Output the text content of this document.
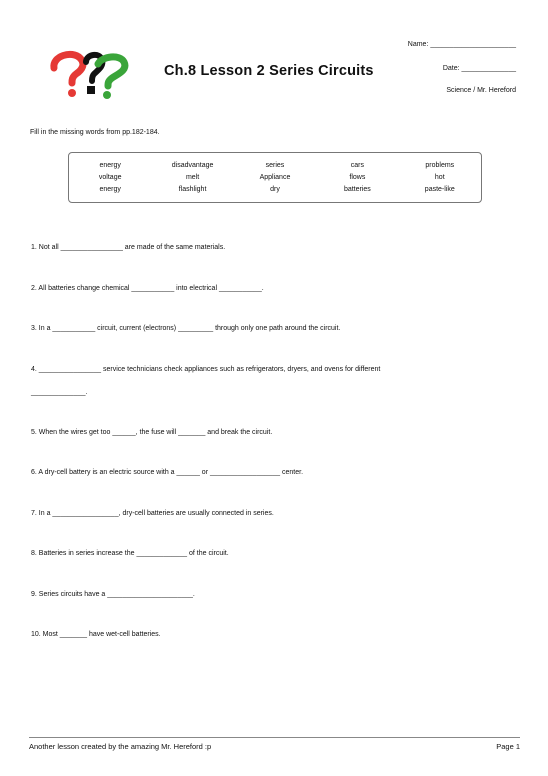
Name: ______________________
Ch.8 Lesson 2 Series Circuits	Date: ______________
Science / Mr. Hereford
Fill in the missing words from pp.182-184.
energy	disadvantage	series	cars	problems
voltage	melt	Appliance	flows	hot
energy	flashlight	dry	batteries	paste-like
1. Not all ________________ are made of the same materials.
2. All batteries change chemical ___________ into electrical ___________.
3. In a ___________ circuit, current (electrons) _________ through only one path around the circuit.
4. ________________ service technicians check appliances such as refrigerators, dryers, and ovens for different
______________.
5. When the wires get too ______, the fuse will _______ and break the circuit.
6. A dry-cell battery is an electric source with a ______ or __________________ center.
7. In a _________________, dry-cell batteries are usually connected in series.
8. Batteries in series increase the _____________ of the circuit.
9. Series circuits have a ______________________.
10. Most _______ have wet-cell batteries.
Another lesson created by the amazing Mr. Hereford :p	Page 1
